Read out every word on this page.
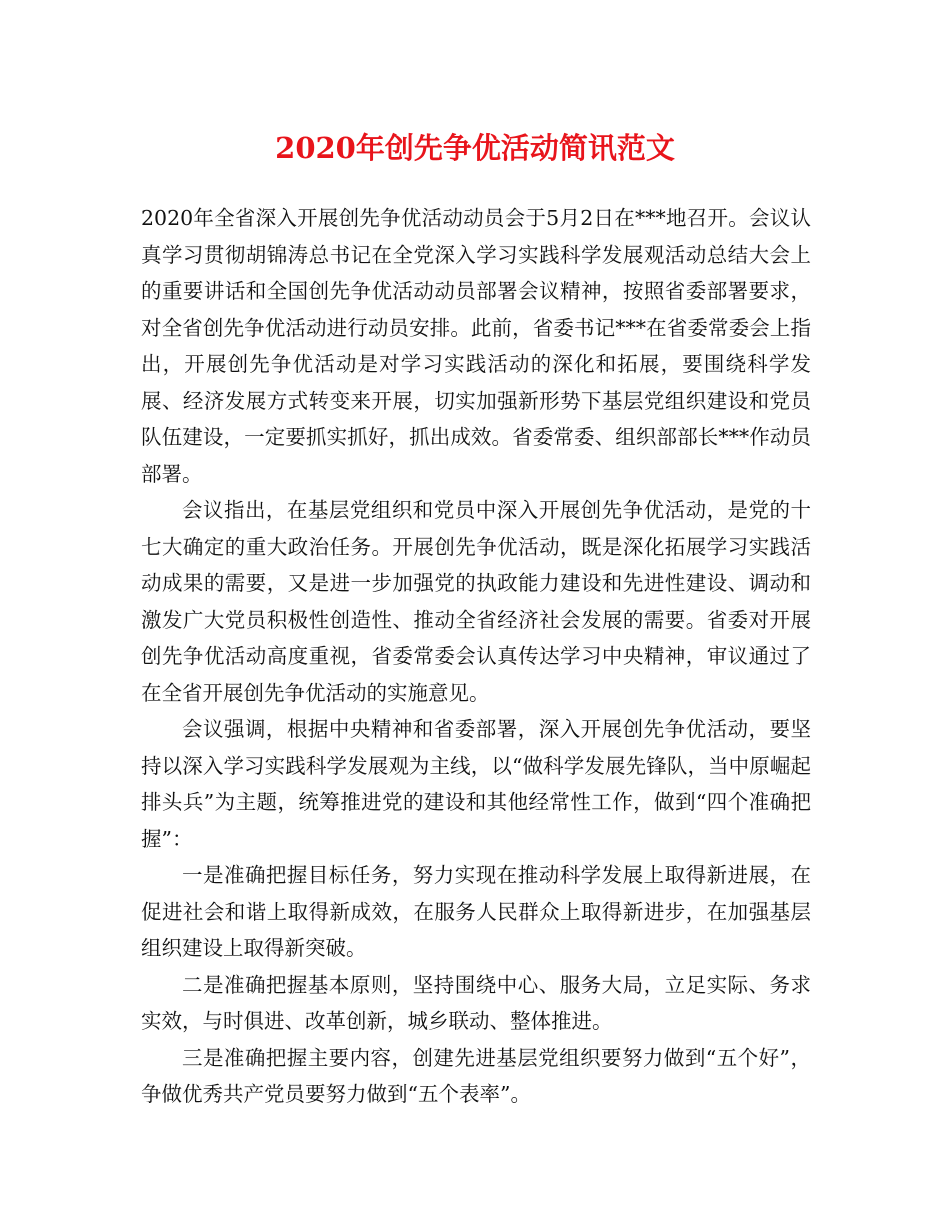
2020年创先争优活动简讯范文

2020年全省深入开展创先争优活动动员会于5月2日在***地召开。会议认真学习贯彻胡锦涛总书记在全党深入学习实践科学发展观活动总结大会上的重要讲话和全国创先争优活动动员部署会议精神，按照省委部署要求，对全省创先争优活动进行动员安排。此前，省委书记***在省委常委会上指出，开展创先争优活动是对学习实践活动的深化和拓展，要围绕科学发展、经济发展方式转变来开展，切实加强新形势下基层党组织建设和党员队伍建设，一定要抓实抓好，抓出成效。省委常委、组织部部长***作动员部署。

会议指出，在基层党组织和党员中深入开展创先争优活动，是党的十七大确定的重大政治任务。开展创先争优活动，既是深化拓展学习实践活动成果的需要，又是进一步加强党的执政能力建设和先进性建设、调动和激发广大党员积极性创造性、推动全省经济社会发展的需要。省委对开展创先争优活动高度重视，省委常委会认真传达学习中央精神，审议通过了在全省开展创先争优活动的实施意见。

会议强调，根据中央精神和省委部署，深入开展创先争优活动，要坚持以深入学习实践科学发展观为主线，以“做科学发展先锋队，当中原崛起排头兵”为主题，统筹推进党的建设和其他经常性工作，做到“四个准确把握”：

一是准确把握目标任务，努力实现在推动科学发展上取得新进展，在促进社会和谐上取得新成效，在服务人民群众上取得新进步，在加强基层组织建设上取得新突破。

二是准确把握基本原则，坚持围绕中心、服务大局，立足实际、务求实效，与时俱进、改革创新，城乡联动、整体推进。

三是准确把握主要内容，创建先进基层党组织要努力做到“五个好”，争做优秀共产党员要努力做到“五个表率”。
